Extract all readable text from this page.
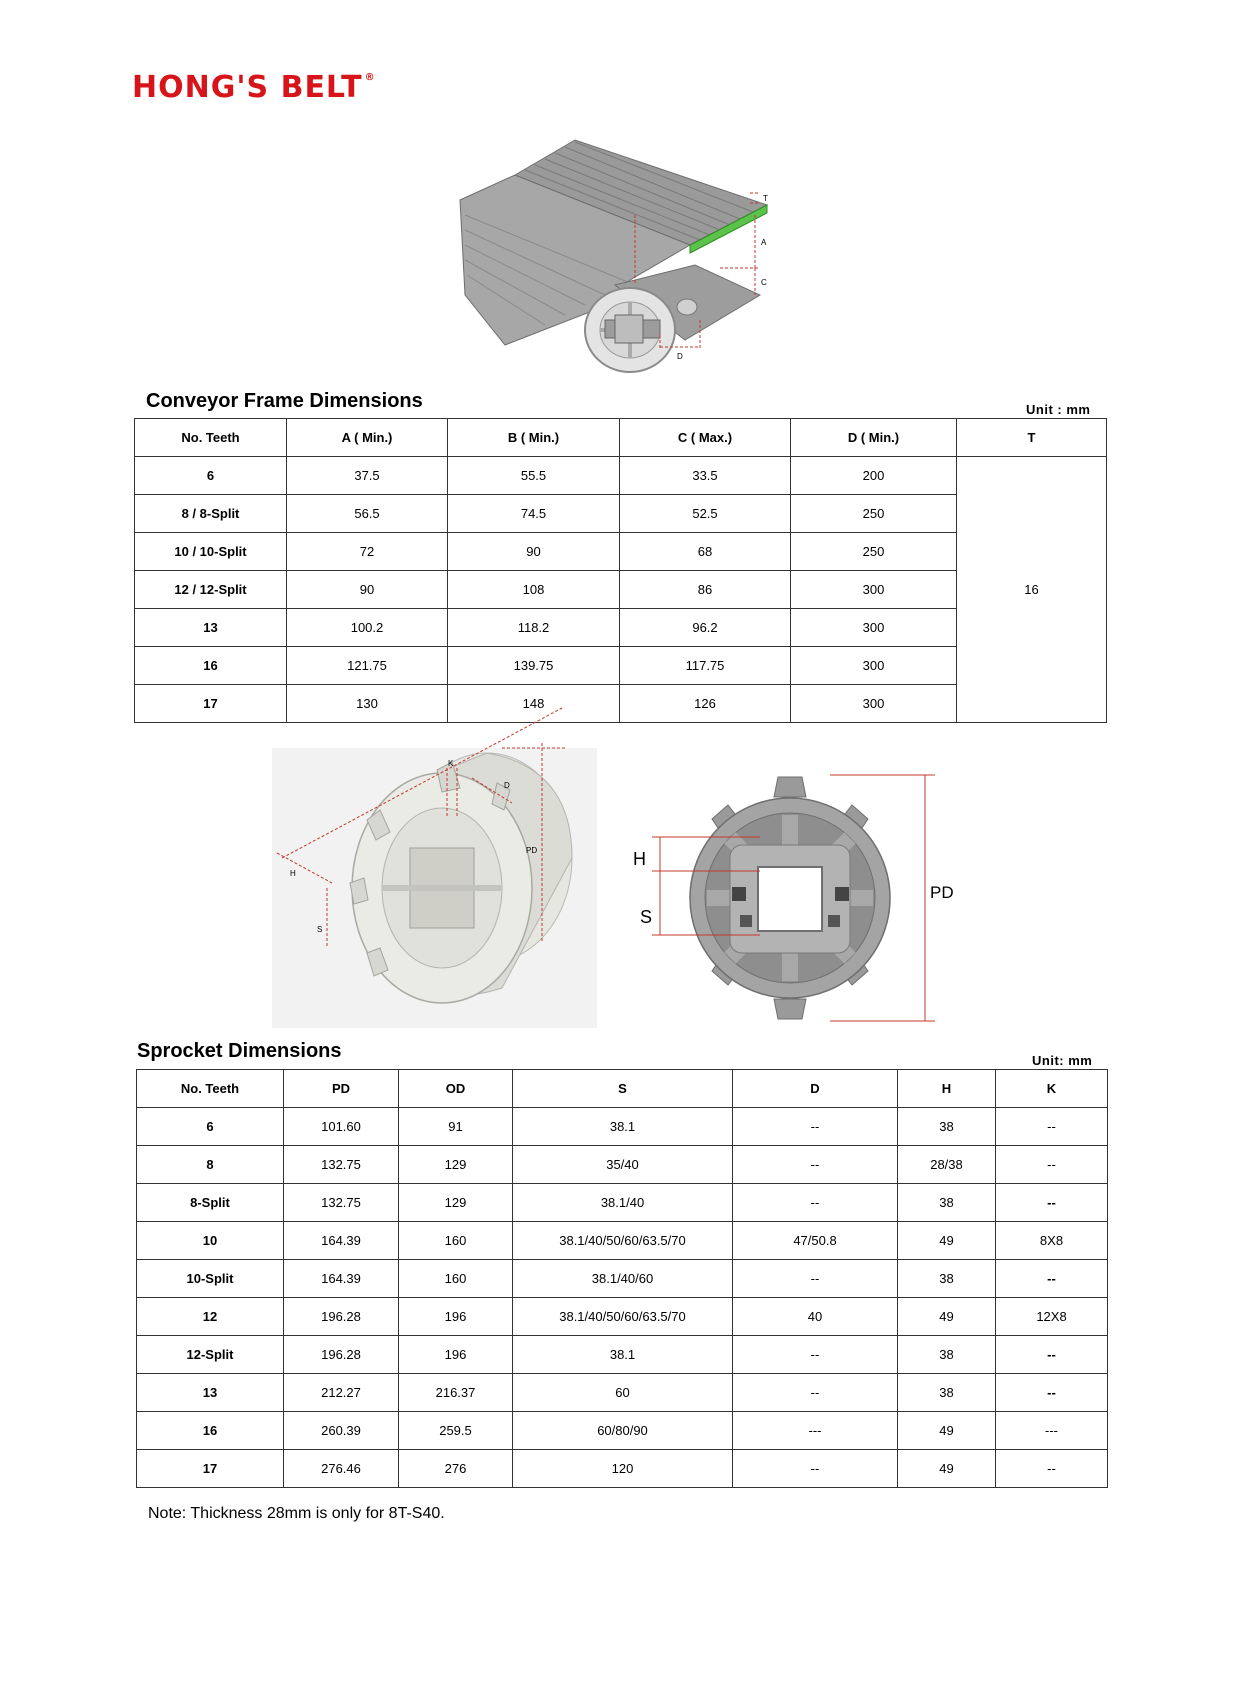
HONG'S BELT ®
T
A
C
D
Conveyor Frame Dimensions	Unit : mm
No. Teeth	A ( Min.)	B ( Min.)	C ( Max.)	D ( Min.)	T
6	37.5	55.5	33.5	200	16
8 / 8-Split	56.5	74.5	52.5	250	
10 / 10-Split	72	90	68	250	
12 / 12-Split	90	108	86	300	
13	100.2	118.2	96.2	300	
16	121.75	139.75	117.75	300	
17	130	148	126	300	
H
S
K
D
PD	H
S
PD
Sprocket Dimensions	Unit: mm
No. Teeth	PD	OD	S	D	H	K
6	101.60	91	38.1	--	38	--
8	132.75	129	35/40	--	28/38	--
8-Split	132.75	129	38.1/40	--	38	--
10	164.39	160	38.1/40/50/60/63.5/70	47/50.8	49	8X8
10-Split	164.39	160	38.1/40/60	--	38	--
12	196.28	196	38.1/40/50/60/63.5/70	40	49	12X8
12-Split	196.28	196	38.1	--	38	--
13	212.27	216.37	60	--	38	--
16	260.39	259.5	60/80/90	---	49	---
17	276.46	276	120	--	49	--
Note: Thickness 28mm is only for 8T-S40.
